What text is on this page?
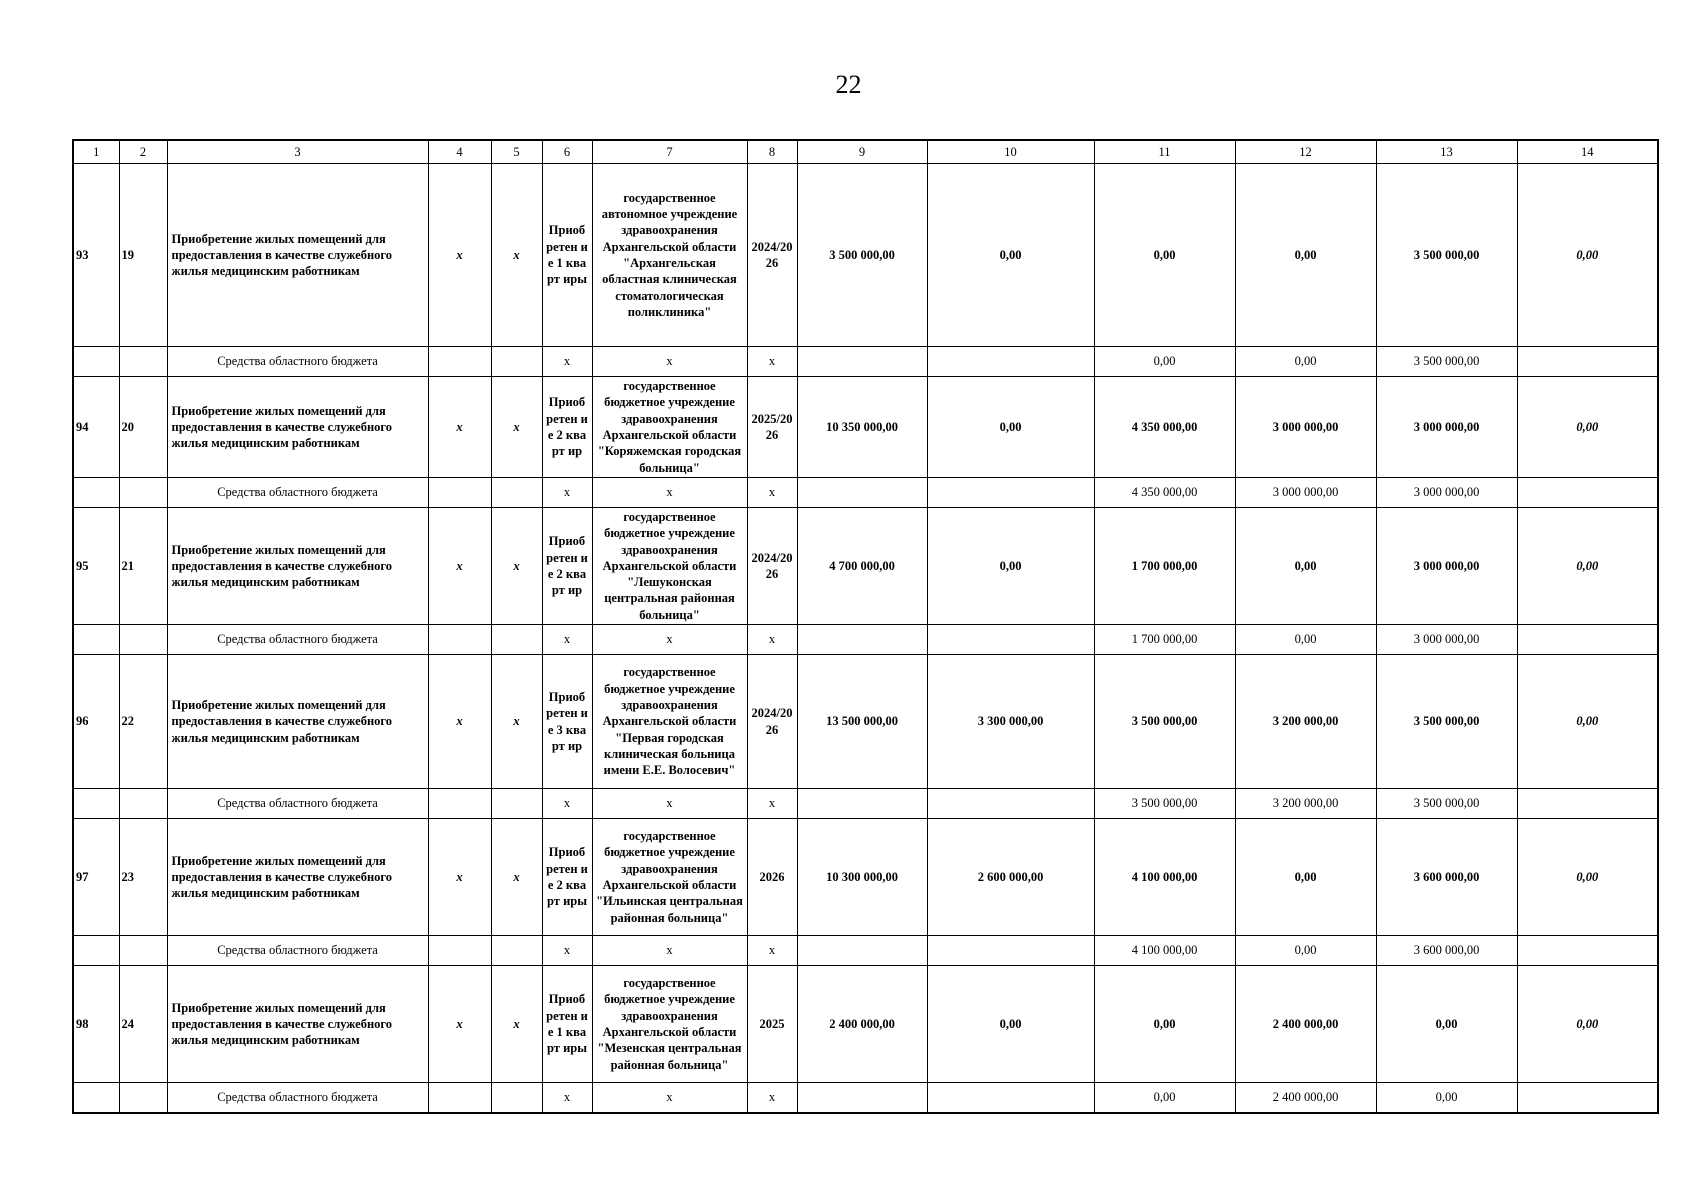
22
1	2	3	4	5	6	7	8	9	10	11	12	13	14
93	19	Приобретение жилых помещений для предоставления в качестве служебного жилья медицинским работникам	x	x	Приоб ретен ие 1 кварт иры	государственное автономное учреждение здравоохранения Архангельской области "Архангельская областная клиническая стоматологическая поликлиника"	2024/20 26	3 500 000,00	0,00	0,00	0,00	3 500 000,00	0,00
		Средства областного бюджета			x	x	x			0,00	0,00	3 500 000,00	
94	20	Приобретение жилых помещений для предоставления в качестве служебного жилья медицинским работникам	x	x	Приоб ретен ие 2 кварт ир	государственное бюджетное учреждение здравоохранения Архангельской области "Коряжемская городская больница"	2025/20 26	10 350 000,00	0,00	4 350 000,00	3 000 000,00	3 000 000,00	0,00
		Средства областного бюджета			x	x	x			4 350 000,00	3 000 000,00	3 000 000,00	
95	21	Приобретение жилых помещений для предоставления в качестве служебного жилья медицинским работникам	x	x	Приоб ретен ие 2 кварт ир	государственное бюджетное учреждение здравоохранения Архангельской области "Лешуконская центральная районная больница"	2024/20 26	4 700 000,00	0,00	1 700 000,00	0,00	3 000 000,00	0,00
		Средства областного бюджета			x	x	x			1 700 000,00	0,00	3 000 000,00	
96	22	Приобретение жилых помещений для предоставления в качестве служебного жилья медицинским работникам	x	x	Приоб ретен ие 3 кварт ир	государственное бюджетное учреждение здравоохранения Архангельской области "Первая городская клиническая больница имени Е.Е. Волосевич"	2024/20 26	13 500 000,00	3 300 000,00	3 500 000,00	3 200 000,00	3 500 000,00	0,00
		Средства областного бюджета			x	x	x			3 500 000,00	3 200 000,00	3 500 000,00	
97	23	Приобретение жилых помещений для предоставления в качестве служебного жилья медицинским работникам	x	x	Приоб ретен ие 2 кварт иры	государственное бюджетное учреждение здравоохранения Архангельской области "Ильинская центральная районная больница"	2026	10 300 000,00	2 600 000,00	4 100 000,00	0,00	3 600 000,00	0,00
		Средства областного бюджета			x	x	x			4 100 000,00	0,00	3 600 000,00	
98	24	Приобретение жилых помещений для предоставления в качестве служебного жилья медицинским работникам	x	x	Приоб ретен ие 1 кварт иры	государственное бюджетное учреждение здравоохранения Архангельской области "Мезенская центральная районная больница"	2025	2 400 000,00	0,00	0,00	2 400 000,00	0,00	0,00
		Средства областного бюджета			x	x	x			0,00	2 400 000,00	0,00	
